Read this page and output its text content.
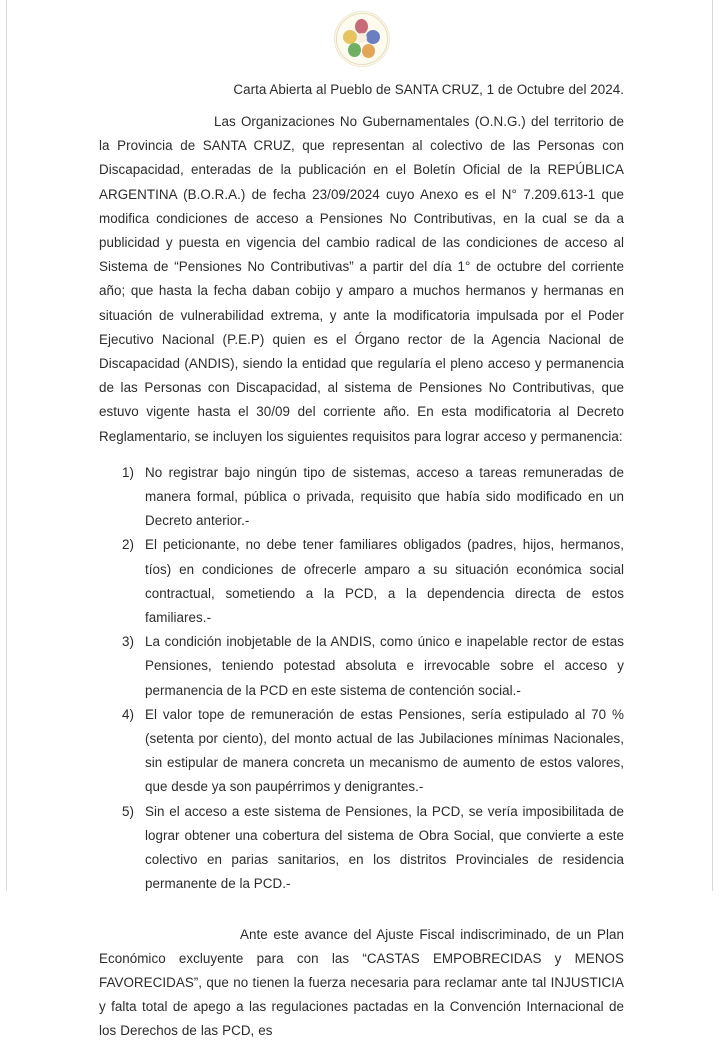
Carta Abierta al Pueblo de SANTA CRUZ, 1 de Octubre del 2024.

Las Organizaciones No Gubernamentales (O.N.G.) del territorio de la Provincia de SANTA CRUZ, que representan al colectivo de las Personas con Discapacidad, enteradas de la publicación en el Boletín Oficial de la REPÚBLICA ARGENTINA (B.O.R.A.) de fecha 23/09/2024 cuyo Anexo es el N° 7.209.613-1 que modifica condiciones de acceso a Pensiones No Contributivas, en la cual se da a publicidad y puesta en vigencia del cambio radical de las condiciones de acceso al Sistema de “Pensiones No Contributivas” a partir del día 1° de octubre del corriente año; que hasta la fecha daban cobijo y amparo a muchos hermanos y hermanas en situación de vulnerabilidad extrema, y ante la modificatoria impulsada por el Poder Ejecutivo Nacional (P.E.P) quien es el Órgano rector de la Agencia Nacional de Discapacidad (ANDIS), siendo la entidad que regularía el pleno acceso y permanencia de las Personas con Discapacidad, al sistema de Pensiones No Contributivas, que estuvo vigente hasta el 30/09 del corriente año. En esta modificatoria al Decreto Reglamentario, se incluyen los siguientes requisitos para lograr acceso y permanencia:

1) No registrar bajo ningún tipo de sistemas, acceso a tareas remuneradas de manera formal, pública o privada, requisito que había sido modificado en un Decreto anterior.-
2) El peticionante, no debe tener familiares obligados (padres, hijos, hermanos, tíos) en condiciones de ofrecerle amparo a su situación económica social contractual, sometiendo a la PCD, a la dependencia directa de estos familiares.-
3) La condición inobjetable de la ANDIS, como único e inapelable rector de estas Pensiones, teniendo potestad absoluta e irrevocable sobre el acceso y permanencia de la PCD en este sistema de contención social.-
4) El valor tope de remuneración de estas Pensiones, sería estipulado al 70 % (setenta por ciento), del monto actual de las Jubilaciones mínimas Nacionales, sin estipular de manera concreta un mecanismo de aumento de estos valores, que desde ya son paupérrimos y denigrantes.-
5) Sin el acceso a este sistema de Pensiones, la PCD, se vería imposibilitada de lograr obtener una cobertura del sistema de Obra Social, que convierte a este colectivo en parias sanitarios, en los distritos Provinciales de residencia permanente de la PCD.-

Ante este avance del Ajuste Fiscal indiscriminado, de un Plan Económico excluyente para con las “CASTAS EMPOBRECIDAS y MENOS FAVORECIDAS”, que no tienen la fuerza necesaria para reclamar ante tal INJUSTICIA y falta total de apego a las regulaciones pactadas en la Convención Internacional de los Derechos de las PCD, es
